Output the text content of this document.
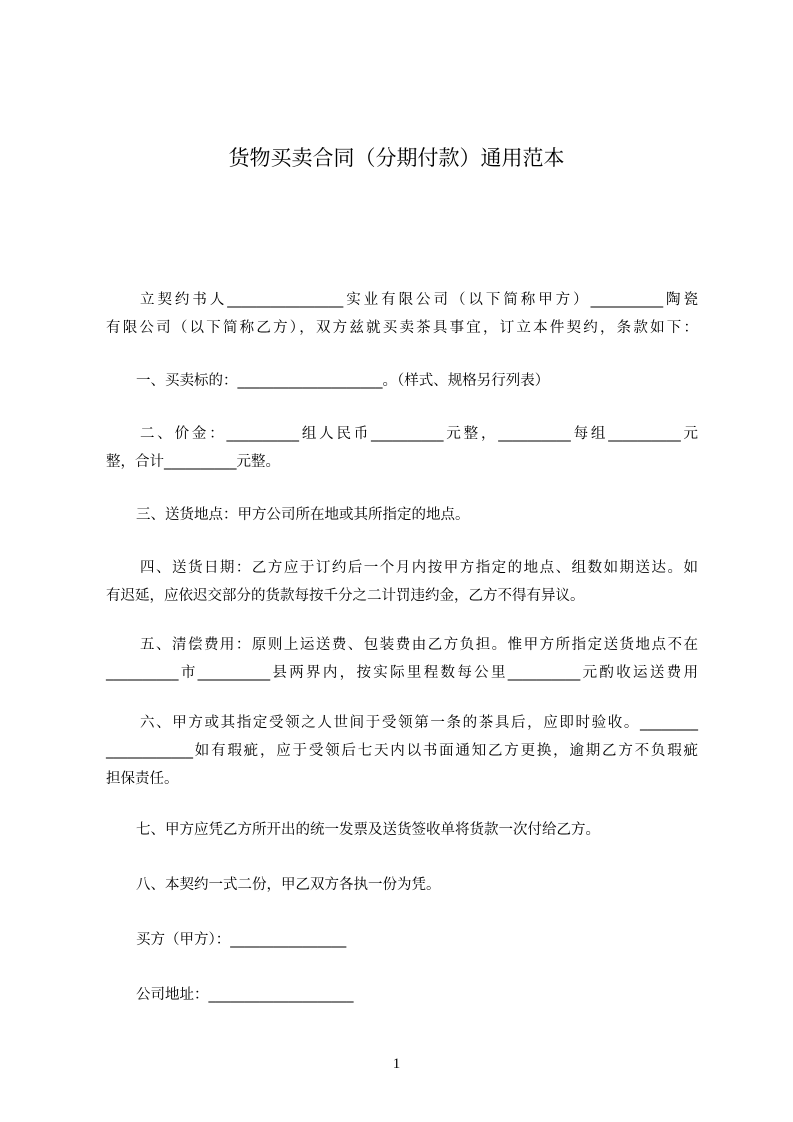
货物买卖合同（分期付款）通用范本
立契约书人________________实业有限公司（以下简称甲方）__________陶瓷
有限公司（以下简称乙方），双方兹就买卖茶具事宜，订立本件契约，条款如下：
一、买卖标的：____________________。（样式、规格另行列表）
二、价金：__________组人民币__________元整，__________每组__________元
整，合计__________元整。
三、送货地点：甲方公司所在地或其所指定的地点。
四、送货日期：乙方应于订约后一个月内按甲方指定的地点、组数如期送达。如
有迟延，应依迟交部分的货款每按千分之二计罚违约金，乙方不得有异议。
五、清偿费用：原则上运送费、包装费由乙方负担。惟甲方所指定送货地点不在
__________市__________县两界内，按实际里程数每公里__________元酌收运送费用
六、甲方或其指定受领之人世间于受领第一条的茶具后，应即时验收。________
____________如有瑕疵，应于受领后七天内以书面通知乙方更换，逾期乙方不负瑕疵
担保责任。
七、甲方应凭乙方所开出的统一发票及送货签收单将货款一次付给乙方。
八、本契约一式二份，甲乙双方各执一份为凭。
买方（甲方）：________________
公司地址：____________________
1
